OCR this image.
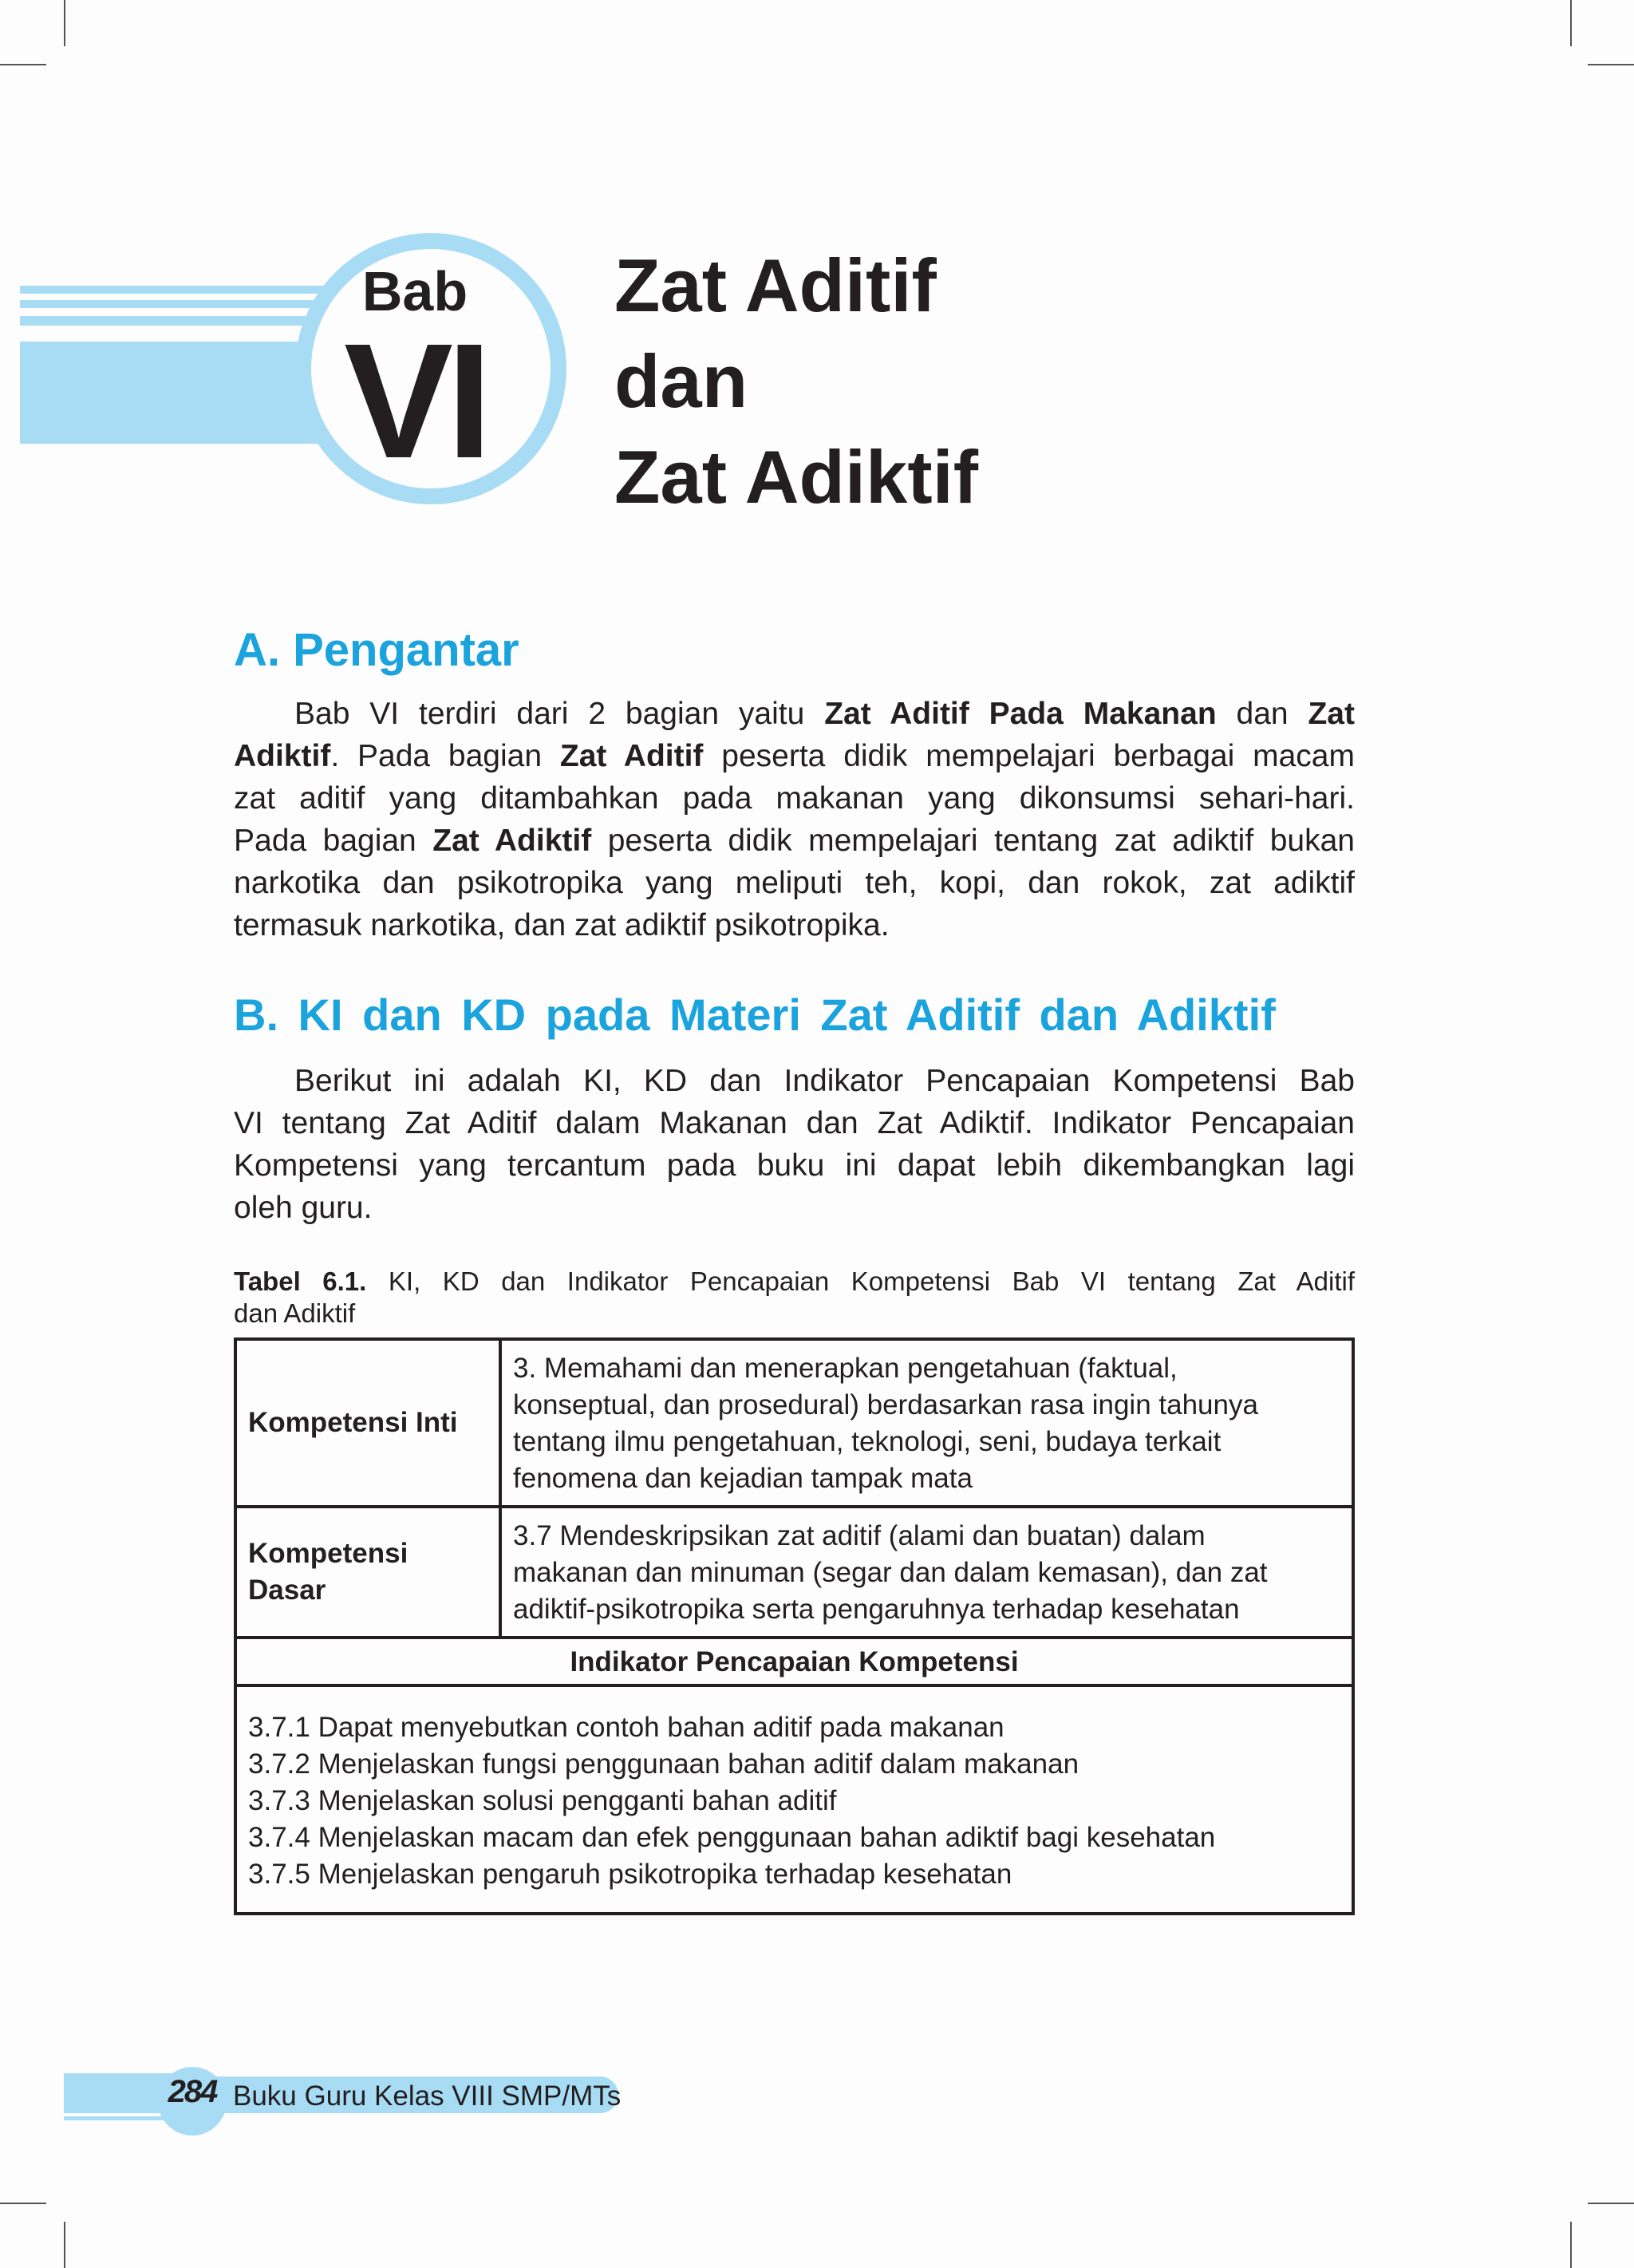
Bab
VI
Zat Aditif
dan
Zat Adiktif
A. Pengantar
Bab VI terdiri dari 2 bagian yaitu Zat Aditif Pada Makanan dan Zat
Adiktif. Pada bagian Zat Aditif peserta didik mempelajari berbagai macam
zat aditif yang ditambahkan pada makanan yang dikonsumsi sehari-hari.
Pada bagian Zat Adiktif peserta didik mempelajari tentang zat adiktif bukan
narkotika dan psikotropika yang meliputi teh, kopi, dan rokok, zat adiktif
termasuk narkotika, dan zat adiktif psikotropika.
B. KI dan KD pada Materi Zat Aditif dan Adiktif
Berikut ini adalah KI, KD dan Indikator Pencapaian Kompetensi Bab
VI tentang Zat Aditif dalam Makanan dan Zat Adiktif. Indikator Pencapaian
Kompetensi yang tercantum pada buku ini dapat lebih dikembangkan lagi
oleh guru.
Tabel 6.1. KI, KD dan Indikator Pencapaian Kompetensi Bab VI tentang Zat Aditif
dan Adiktif
Kompetensi Inti	3. Memahami dan menerapkan pengetahuan (faktual,
konseptual, dan prosedural) berdasarkan rasa ingin tahunya
tentang ilmu pengetahuan, teknologi, seni, budaya terkait
fenomena dan kejadian tampak mata

Kompetensi
Dasar	3.7 Mendeskripsikan zat aditif (alami dan buatan) dalam
makanan dan minuman (segar dan dalam kemasan), dan zat
adiktif-psikotropika serta pengaruhnya terhadap kesehatan

Indikator Pencapaian Kompetensi	

3.7.1 Dapat menyebutkan contoh bahan aditif pada makanan
3.7.2 Menjelaskan fungsi penggunaan bahan aditif dalam makanan
3.7.3 Menjelaskan solusi pengganti bahan aditif
3.7.4 Menjelaskan macam dan efek penggunaan bahan adiktif bagi kesehatan
3.7.5 Menjelaskan pengaruh psikotropika terhadap kesehatan	
284 Buku Guru Kelas VIII SMP/MTs
